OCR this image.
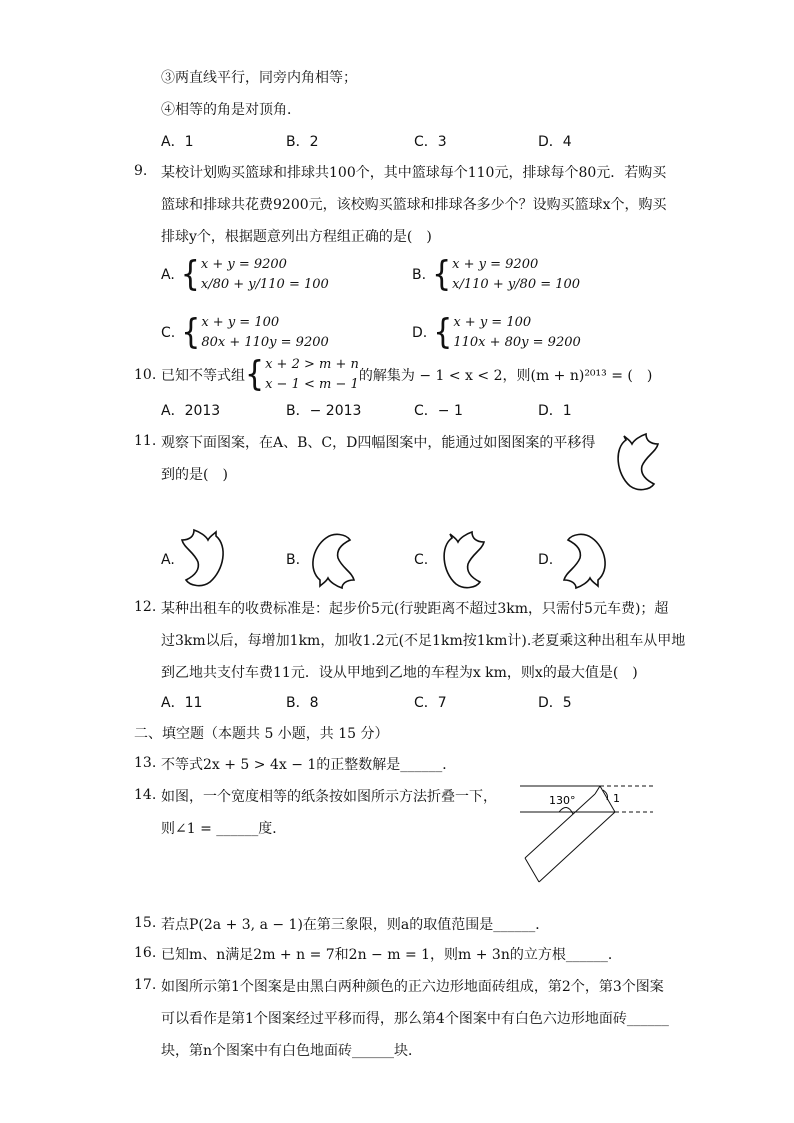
③两直线平行，同旁内角相等；
④相等的角是对顶角．
A．1	B．2	C．3	D．4
9. 某校计划购买篮球和排球共100个，其中篮球每个110元，排球每个80元．若购买
篮球和排球共花费9200元，该校购买篮球和排球各多少个？设购买篮球x个，购买
排球y个，根据题意列出方程组正确的是(　)
A. { x + y = 9200
x/80 + y/110 = 100
B. { x + y = 9200
x/110 + y/80 = 100
C. { x + y = 100
80x + 110y = 9200
D. { x + y = 100
110x + 80y = 9200
10. 已知不等式组 { x + 2 > m + n
x − 1 < m − 1
的解集为 − 1 < x < 2，则(m + n)²⁰¹³ = (　)
A．2013	B．− 2013	C．− 1	D．1
11. 观察下面图案，在A、B、C，D四幅图案中，能通过如图图案的平移得
到的是(　)
A.	B.	C.	D.
12. 某种出租车的收费标准是：起步价5元(行驶距离不超过3km，只需付5元车费)；超
过3km以后，每增加1km，加收1.2元(不足1km按1km计).老夏乘这种出租车从甲地
到乙地共支付车费11元．设从甲地到乙地的车程为x km，则x的最大值是(　)
A．11	B．8	C．7	D．5
二、填空题（本题共 5 小题，共 15 分）
13. 不等式2x + 5 > 4x − 1的正整数解是______．
14. 如图，一个宽度相等的纸条按如图所示方法折叠一下，
则∠1 = ______度．
130°	1
15. 若点P(2a + 3, a − 1)在第三象限，则a的取值范围是______．
16. 已知m、n满足2m + n = 7和2n − m = 1，则m + 3n的立方根______．
17. 如图所示第1个图案是由黑白两种颜色的正六边形地面砖组成，第2个，第3个图案
可以看作是第1个图案经过平移而得，那么第4个图案中有白色六边形地面砖______
块，第n个图案中有白色地面砖______块．
